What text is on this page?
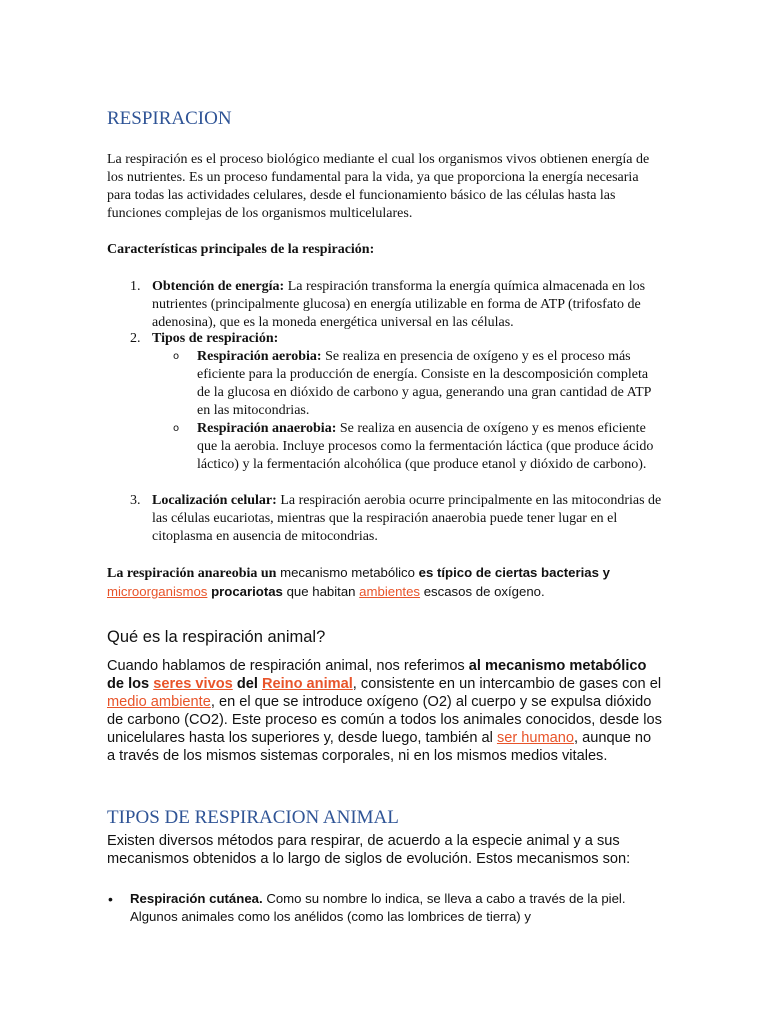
RESPIRACION

La respiración es el proceso biológico mediante el cual los organismos vivos obtienen energía de los nutrientes. Es un proceso fundamental para la vida, ya que proporciona la energía necesaria para todas las actividades celulares, desde el funcionamiento básico de las células hasta las funciones complejas de los organismos multicelulares.

Características principales de la respiración:

1. Obtención de energía: La respiración transforma la energía química almacenada en los nutrientes (principalmente glucosa) en energía utilizable en forma de ATP (trifosfato de adenosina), que es la moneda energética universal en las células.
2. Tipos de respiración:
o Respiración aerobia: Se realiza en presencia de oxígeno y es el proceso más eficiente para la producción de energía. Consiste en la descomposición completa de la glucosa en dióxido de carbono y agua, generando una gran cantidad de ATP en las mitocondrias.
o Respiración anaerobia: Se realiza en ausencia de oxígeno y es menos eficiente que la aerobia. Incluye procesos como la fermentación láctica (que produce ácido láctico) y la fermentación alcohólica (que produce etanol y dióxido de carbono).
3. Localización celular: La respiración aerobia ocurre principalmente en las mitocondrias de las células eucariotas, mientras que la respiración anaerobia puede tener lugar en el citoplasma en ausencia de mitocondrias.

La respiración anareobia un mecanismo metabólico es típico de ciertas bacterias y microorganismos procariotas que habitan ambientes escasos de oxígeno.

Qué es la respiración animal?

Cuando hablamos de respiración animal, nos referimos al mecanismo metabólico de los seres vivos del Reino animal, consistente en un intercambio de gases con el medio ambiente, en el que se introduce oxígeno (O2) al cuerpo y se expulsa dióxido de carbono (CO2). Este proceso es común a todos los animales conocidos, desde los unicelulares hasta los superiores y, desde luego, también al ser humano, aunque no a través de los mismos sistemas corporales, ni en los mismos medios vitales.

TIPOS DE RESPIRACION ANIMAL

Existen diversos métodos para respirar, de acuerdo a la especie animal y a sus mecanismos obtenidos a lo largo de siglos de evolución. Estos mecanismos son:

• Respiración cutánea. Como su nombre lo indica, se lleva a cabo a través de la piel. Algunos animales como los anélidos (como las lombrices de tierra) y
